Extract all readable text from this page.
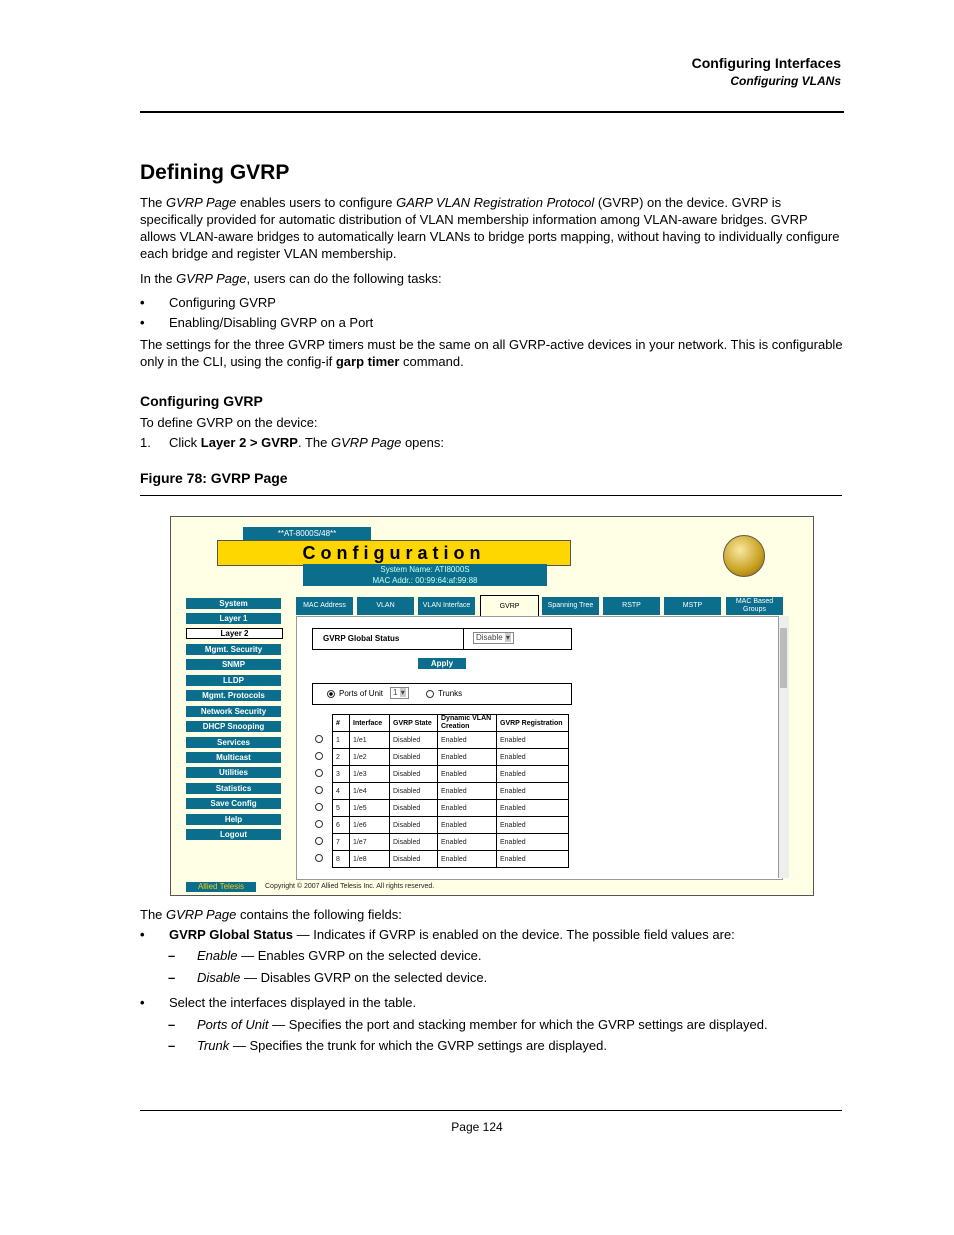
Configuring Interfaces
Configuring VLANs
Defining GVRP

The GVRP Page enables users to configure GARP VLAN Registration Protocol (GVRP) on the device. GVRP is specifically provided for automatic distribution of VLAN membership information among VLAN-aware bridges. GVRP allows VLAN-aware bridges to automatically learn VLANs to bridge ports mapping, without having to individually configure each bridge and register VLAN membership.

In the GVRP Page, users can do the following tasks:

• Configuring GVRP
• Enabling/Disabling GVRP on a Port

The settings for the three GVRP timers must be the same on all GVRP-active devices in your network. This is configurable only in the CLI, using the config-if garp timer command.

Configuring GVRP
To define GVRP on the device:
1. Click Layer 2 > GVRP. The GVRP Page opens:
Figure 78: GVRP Page
**AT-8000S/48**
Configuration
System Name: ATI8000S
MAC Addr.: 00:99:64:af:99:88
System
Layer 1
Layer 2
Mgmt. Security
SNMP
LLDP
Mgmt. Protocols
Network Security
DHCP Snooping
Services
Multicast
Utilities
Statistics
Save Config
Help
Logout
MAC Address	VLAN	VLAN Interface	GVRP	Spanning Tree	RSTP	MSTP
MAC Based Groups
GVRP Global Status	Disable ▾
Apply
Ports of Unit	1 ▾	Trunks
	#	Interface	GVRP State	Dynamic VLAN Creation	GVRP Registration
	1	1/e1	Disabled	Enabled	Enabled
	2	1/e2	Disabled	Enabled	Enabled
	3	1/e3	Disabled	Enabled	Enabled
	4	1/e4	Disabled	Enabled	Enabled
	5	1/e5	Disabled	Enabled	Enabled
	6	1/e6	Disabled	Enabled	Enabled
	7	1/e7	Disabled	Enabled	Enabled
	8	1/e8	Disabled	Enabled	Enabled
Allied Telesis	Copyright © 2007 Allied Telesis Inc. All rights reserved.
The GVRP Page contains the following fields:
• GVRP Global Status — Indicates if GVRP is enabled on the device. The possible field values are:
– Enable — Enables GVRP on the selected device.
– Disable — Disables GVRP on the selected device.
• Select the interfaces displayed in the table.
– Ports of Unit — Specifies the port and stacking member for which the GVRP settings are displayed.
– Trunk — Specifies the trunk for which the GVRP settings are displayed.
Page 124
